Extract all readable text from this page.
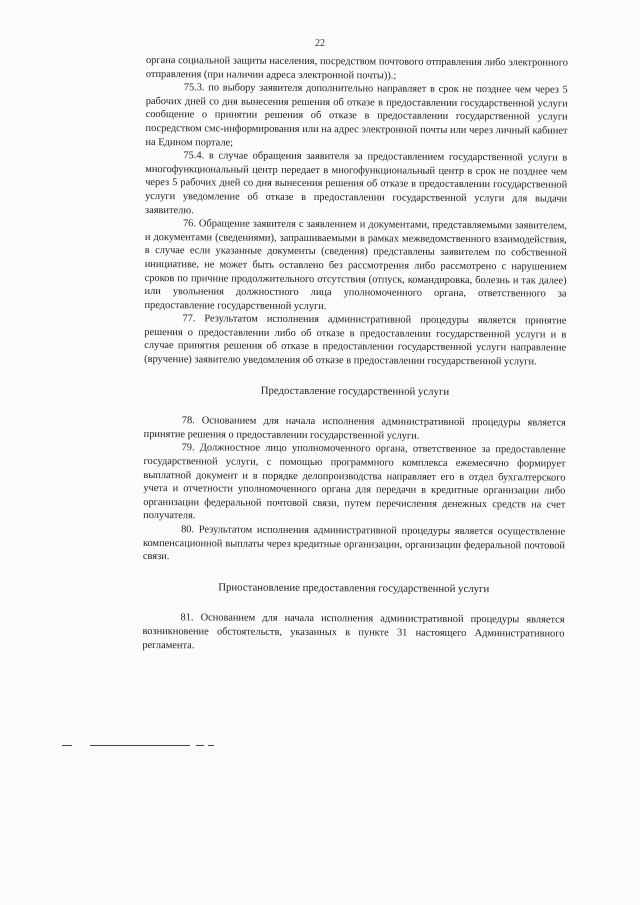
22

органа социальной защиты населения, посредством почтового отправления либо электронного отправления (при наличии адреса электронной почты)).;

75.3. по выбору заявителя дополнительно направляет в срок не позднее чем через 5 рабочих дней со дня вынесения решения об отказе в предоставлении государственной услуги сообщение о принятии решения об отказе в предоставлении государственной услуги посредством смс-информирования или на адрес электронной почты или через личный кабинет на Едином портале;

75.4. в случае обращения заявителя за предоставлением государственной услуги в многофункциональный центр передает в многофункциональный центр в срок не позднее чем через 5 рабочих дней со дня вынесения решения об отказе в предоставлении государственной услуги уведомление об отказе в предоставлении государственной услуги для выдачи заявителю.

76. Обращение заявителя с заявлением и документами, представляемыми заявителем, и документами (сведениями), запрашиваемыми в рамках межведомственного взаимодействия, в случае если указанные документы (сведения) представлены заявителем по собственной инициативе, не может быть оставлено без рассмотрения либо рассмотрено с нарушением сроков по причине продолжительного отсутствия (отпуск, командировка, болезнь и так далее) или увольнения должностного лица уполномоченного органа, ответственного за предоставление государственной услуги.

77. Результатом исполнения административной процедуры является принятие решения о предоставлении либо об отказе в предоставлении государственной услуги и в случае принятия решения об отказе в предоставлении государственной услуги направление (вручение) заявителю уведомления об отказе в предоставлении государственной услуги.

Предоставление государственной услуги

78. Основанием для начала исполнения административной процедуры является принятие решения о предоставлении государственной услуги.

79. Должностное лицо уполномоченного органа, ответственное за предоставление государственной услуги, с помощью программного комплекса ежемесячно формирует выплатной документ и в порядке делопроизводства направляет его в отдел бухгалтерского учета и отчетности уполномоченного органа для передачи в кредитные организации либо организации федеральной почтовой связи, путем перечисления денежных средств на счет получателя.

80. Результатом исполнения административной процедуры является осуществление компенсационной выплаты через кредитные организации, организации федеральной почтовой связи.

Приостановление предоставления государственной услуги

81. Основанием для начала исполнения административной процедуры является возникновение обстоятельств, указанных в пункте 31 настоящего Административного регламента.
